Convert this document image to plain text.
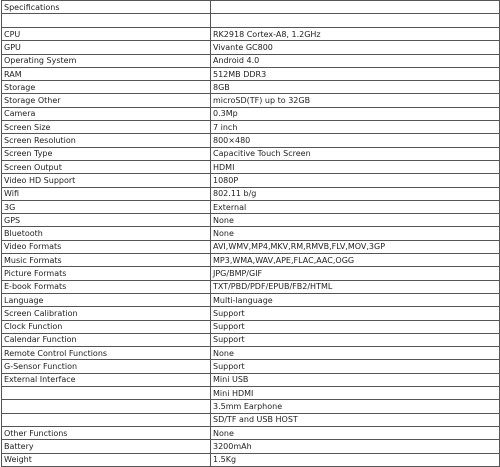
Specifications	

CPU	RK2918 Cortex-A8, 1.2GHz
GPU	Vivante GC800
Operating System	Android 4.0
RAM	512MB DDR3
Storage	8GB
Storage Other	microSD(TF) up to 32GB
Camera	0.3Mp
Screen Size	7 inch
Screen Resolution	800×480
Screen Type	Capacitive Touch Screen
Screen Output	HDMI
Video HD Support	1080P
Wifi	802.11 b/g
3G	External
GPS	None
Bluetooth	None
Video Formats	AVI,WMV,MP4,MKV,RM,RMVB,FLV,MOV,3GP
Music Formats	MP3,WMA,WAV,APE,FLAC,AAC,OGG
Picture Formats	JPG/BMP/GIF
E-book Formats	TXT/PBD/PDF/EPUB/FB2/HTML
Language	Multi-language
Screen Calibration	Support
Clock Function	Support
Calendar Function	Support
Remote Control Functions	None
G-Sensor Function	Support
External Interface	Mini USB
	Mini HDMI
	3.5mm Earphone
	SD/TF and USB HOST
Other Functions	None
Battery	3200mAh
Weight	1.5Kg
